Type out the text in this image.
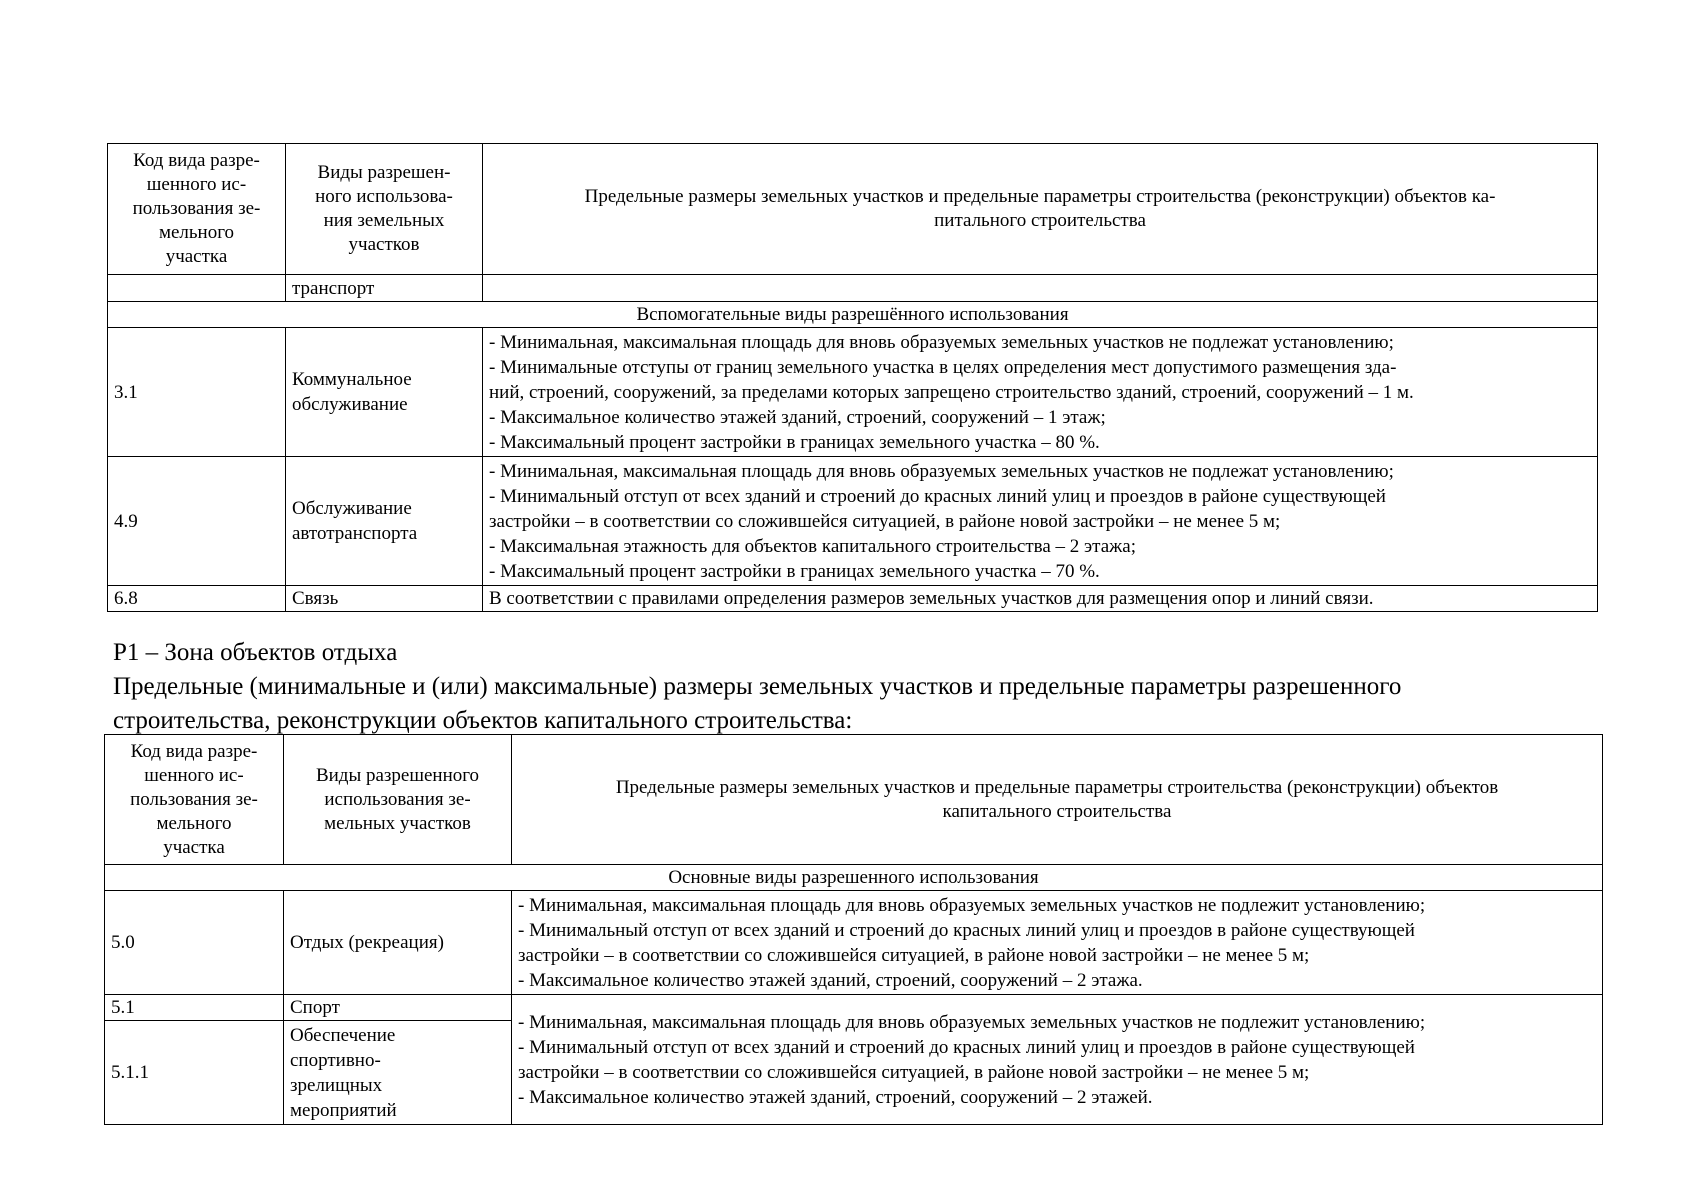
Код вида разре-
шенного ис-
пользования зе-
мельного
участка	Виды разрешен-
ного использова-
ния земельных
участков	Предельные размеры земельных участков и предельные параметры строительства (реконструкции) объектов ка-
питального строительства

	транспорт	
Вспомогательные виды разрешённого использования		
3.1	Коммунальное
обслуживание	- Минимальная, максимальная площадь для вновь образуемых земельных участков не подлежат установлению;
- Минимальные отступы от границ земельного участка в целях определения мест допустимого размещения зда-
ний, строений, сооружений, за пределами которых запрещено строительство зданий, строений, сооружений – 1 м.
- Максимальное количество этажей зданий, строений, сооружений – 1 этаж;
- Максимальный процент застройки в границах земельного участка – 80 %.

4.9	Обслуживание
автотранспорта	- Минимальная, максимальная площадь для вновь образуемых земельных участков не подлежат установлению;
- Минимальный отступ от всех зданий и строений до красных линий улиц и проездов в районе существующей
застройки – в соответствии со сложившейся ситуацией, в районе новой застройки – не менее 5 м;
- Максимальная этажность для объектов капитального строительства – 2 этажа;
- Максимальный процент застройки в границах земельного участка – 70 %.

6.8	Связь	В соответствии с правилами определения размеров земельных участков для размещения опор и линий связи.
Р1 – Зона объектов отдыха
Предельные (минимальные и (или) максимальные) размеры земельных участков и предельные параметры разрешенного
строительства, реконструкции объектов капитального строительства:
Код вида разре-
шенного ис-
пользования зе-
мельного
участка	Виды разрешенного
использования зе-
мельных участков	Предельные размеры земельных участков и предельные параметры строительства (реконструкции) объектов
капитального строительства

Основные виды разрешенного использования		
5.0	Отдых (рекреация)	- Минимальная, максимальная площадь для вновь образуемых земельных участков не подлежит установлению;
- Минимальный отступ от всех зданий и строений до красных линий улиц и проездов в районе существующей
застройки – в соответствии со сложившейся ситуацией, в районе новой застройки – не менее 5 м;
- Максимальное количество этажей зданий, строений, сооружений – 2 этажа.

5.1	Спорт	- Минимальная, максимальная площадь для вновь образуемых земельных участков не подлежит установлению;
- Минимальный отступ от всех зданий и строений до красных линий улиц и проездов в районе существующей
застройки – в соответствии со сложившейся ситуацией, в районе новой застройки – не менее 5 м;
- Максимальное количество этажей зданий, строений, сооружений – 2 этажей.

5.1.1	Обеспечение
спортивно-
зрелищных
мероприятий	
